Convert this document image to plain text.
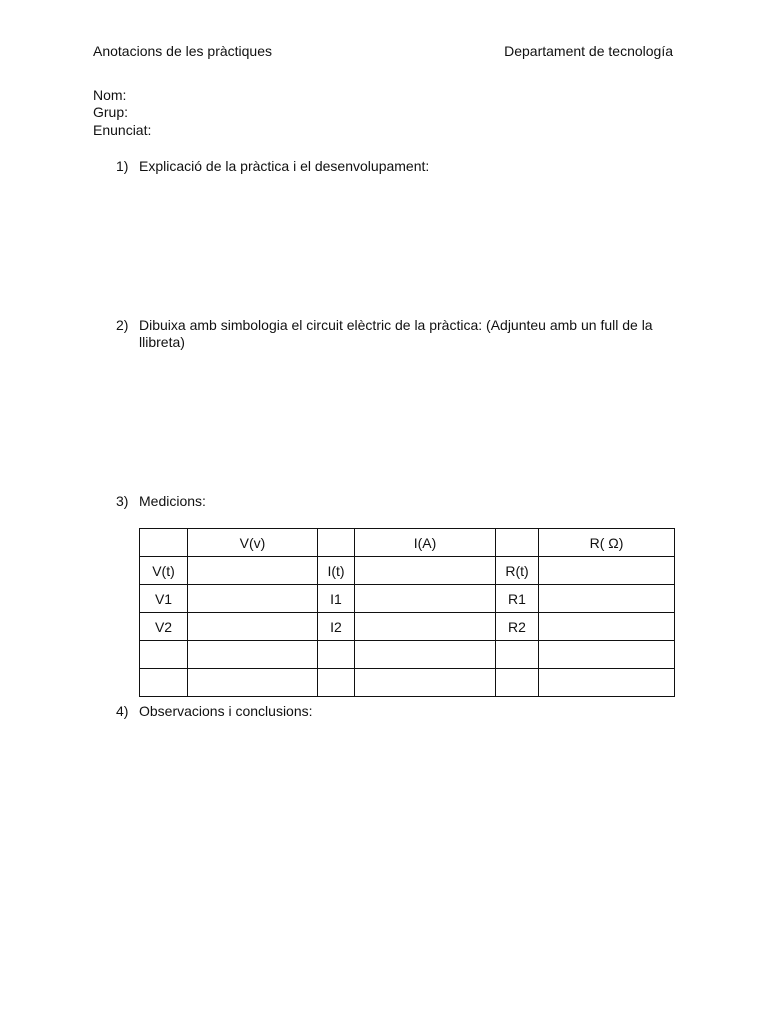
Anotacions de les pràctiques	Departament de tecnología
Nom:
Grup:
Enunciat:
1) Explicació de la pràctica i el desenvolupament:
2) Dibuixa amb simbologia el circuit elèctric de la pràctica: (Adjunteu amb un full de la llibreta)
3) Medicions:
	V(v)		I(A)		R( Ω)
V(t)		I(t)		R(t)	
V1		I1		R1	
V2		I2		R2	

4) Observacions i conclusions:
